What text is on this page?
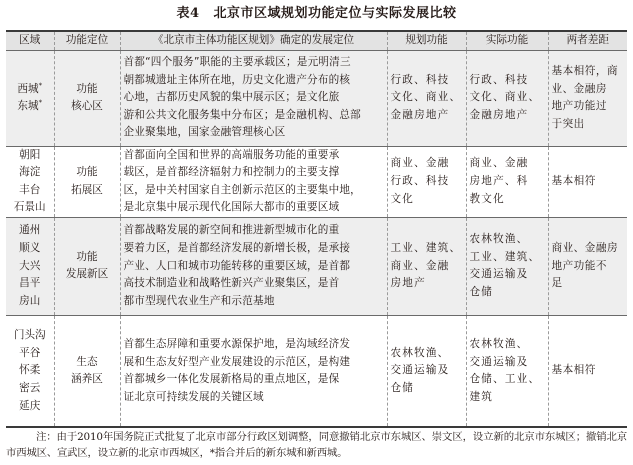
表4 北京市区域规划功能定位与实际发展比较
区域	功能定位	《北京市主体功能区规划》确定的发展定位	规划功能	实际功能	两者差距

西城*
东城*	功能
核心区	首都“四个服务”职能的主要承载区；是元明清三
朝都城遗址主体所在地，历史文化遗产分布的核
心地，古都历史风貌的集中展示区；是文化旅
游和公共文化服务集中分布区；是金融机构、总部
企业聚集地，国家金融管理核心区	行政、科技
文化、商业、
金融房地产	行政、科技
文化、商业、
金融房地产	基本相符，商
业、金融房
地产功能过
于突出

朝阳
海淀
丰台
石景山	功能
拓展区	首都面向全国和世界的高端服务功能的重要承
载区，是首都经济辐射力和控制力的主要支撑
区，是中关村国家自主创新示范区的主要集中地，
是北京集中展示现代化国际大都市的重要区域	商业、金融
行政、科技
文化	商业、金融
房地产、科
教文化	基本相符

通州
顺义
大兴
昌平
房山	功能
发展新区	首都战略发展的新空间和推进新型城市化的重
要着力区，是首都经济发展的新增长极，是承接
产业、人口和城市功能转移的重要区域，是首都
高技术制造业和战略性新兴产业聚集区，是首
都市型现代农业生产和示范基地	工业、建筑、
商业、金融
房地产	农林牧渔、
工业、建筑、
交通运输及
仓储	商业、金融房
地产功能不
足

门头沟
平谷
怀柔
密云
延庆	生态
涵养区	首都生态屏障和重要水源保护地，是沟域经济发
展和生态友好型产业发展建设的示范区，是构建
首都城乡一体化发展新格局的重点地区，是保
证北京可持续发展的关键区域	农林牧渔、
交通运输及
仓储	农林牧渔、
交通运输及
仓储、工业、
建筑	基本相符
注：由于2010年国务院正式批复了北京市部分行政区划调整，同意撤销北京市东城区、崇文区，设立新的北京市东城区；撤销北京市西城区、宣武区，设立新的北京市西城区，*指合并后的新东城和新西城。
